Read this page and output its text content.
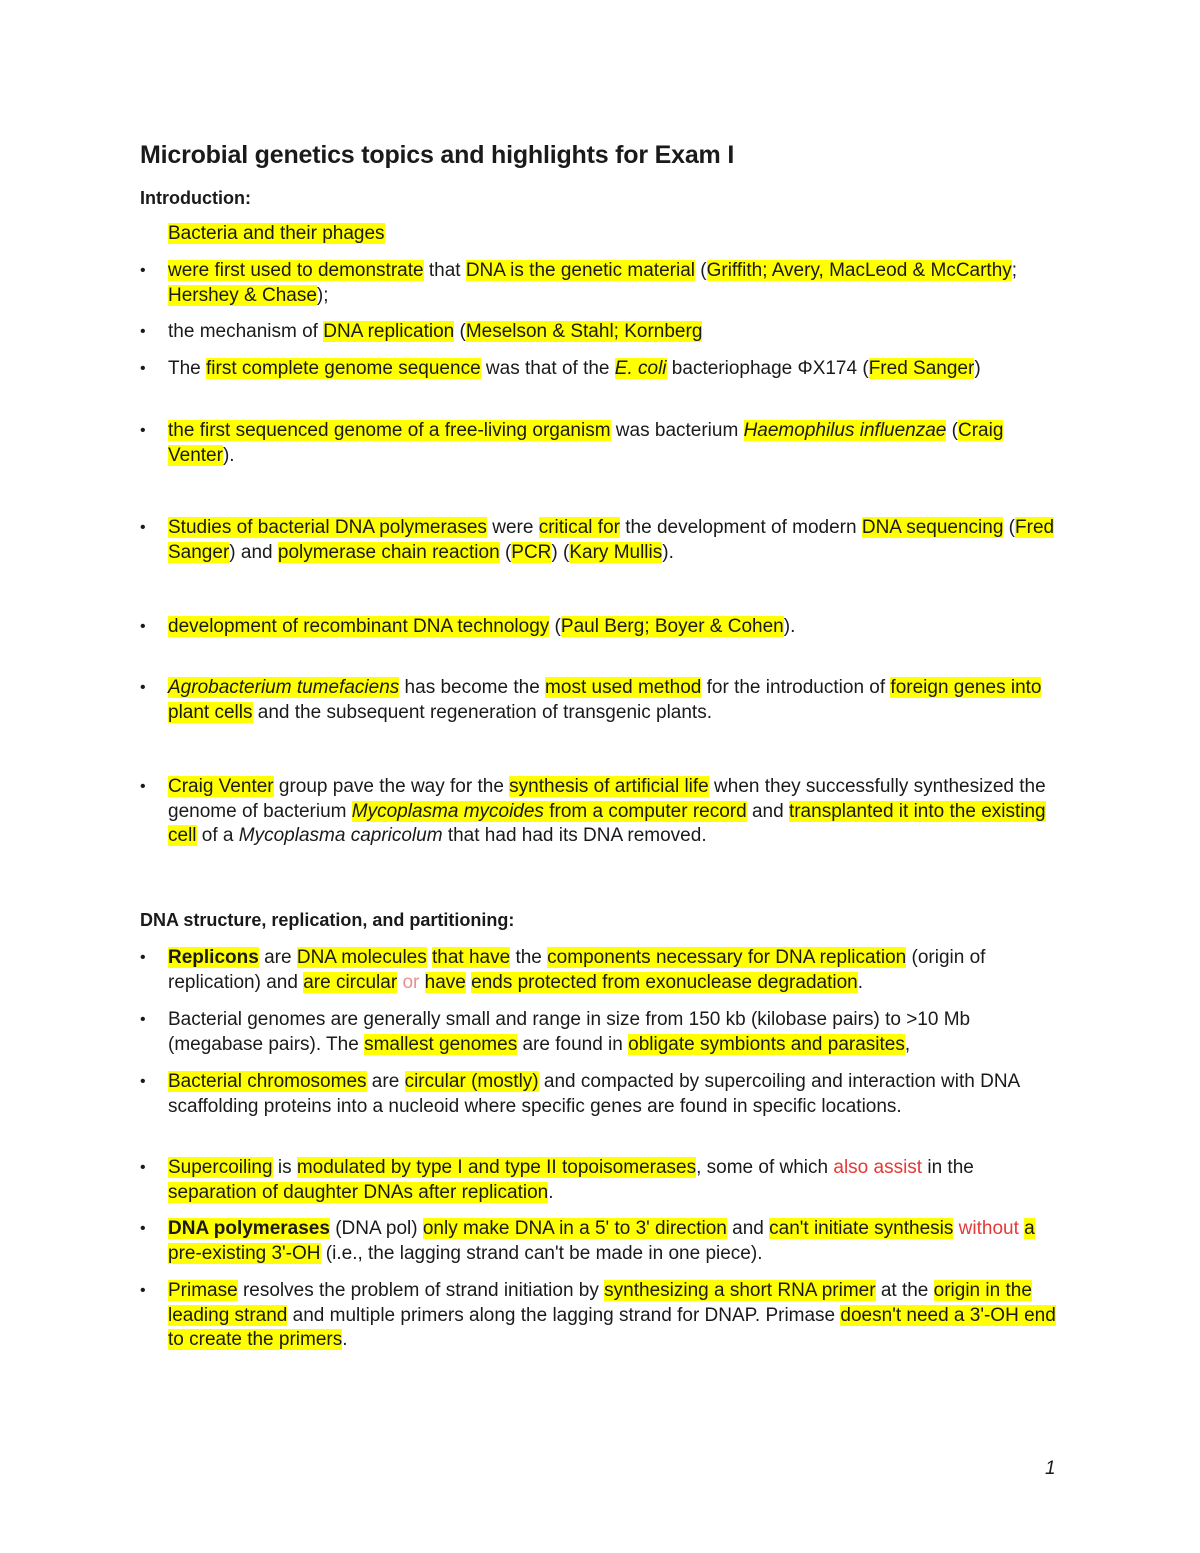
Microbial genetics topics and highlights for Exam I
Introduction:

Bacteria and their phages

• were first used to demonstrate that DNA is the genetic material (Griffith; Avery, MacLeod & McCarthy; Hershey & Chase);

• the mechanism of DNA replication (Meselson & Stahl; Kornberg

• The first complete genome sequence was that of the E. coli bacteriophage ΦX174 (Fred Sanger)

• the first sequenced genome of a free-living organism was bacterium Haemophilus influenzae (Craig Venter).

• Studies of bacterial DNA polymerases were critical for the development of modern DNA sequencing (Fred Sanger) and polymerase chain reaction (PCR) (Kary Mullis).

• development of recombinant DNA technology (Paul Berg; Boyer & Cohen).

• Agrobacterium tumefaciens has become the most used method for the introduction of foreign genes into plant cells and the subsequent regeneration of transgenic plants.

• Craig Venter group pave the way for the synthesis of artificial life when they successfully synthesized the genome of bacterium Mycoplasma mycoides from a computer record and transplanted it into the existing cell of a Mycoplasma capricolum that had had its DNA removed.

DNA structure, replication, and partitioning:
• Replicons are DNA molecules that have the components necessary for DNA replication (origin of replication) and are circular or have ends protected from exonuclease degradation.

• Bacterial genomes are generally small and range in size from 150 kb (kilobase pairs) to >10 Mb (megabase pairs). The smallest genomes are found in obligate symbionts and parasites,

• Bacterial chromosomes are circular (mostly) and compacted by supercoiling and interaction with DNA scaffolding proteins into a nucleoid where specific genes are found in specific locations.

• Supercoiling is modulated by type I and type II topoisomerases, some of which also assist in the separation of daughter DNAs after replication.

• DNA polymerases (DNA pol) only make DNA in a 5' to 3' direction and can't initiate synthesis without a pre-existing 3'-OH (i.e., the lagging strand can't be made in one piece).

• Primase resolves the problem of strand initiation by synthesizing a short RNA primer at the origin in the leading strand and multiple primers along the lagging strand for DNAP. Primase doesn't need a 3'-OH end to create the primers.

1
